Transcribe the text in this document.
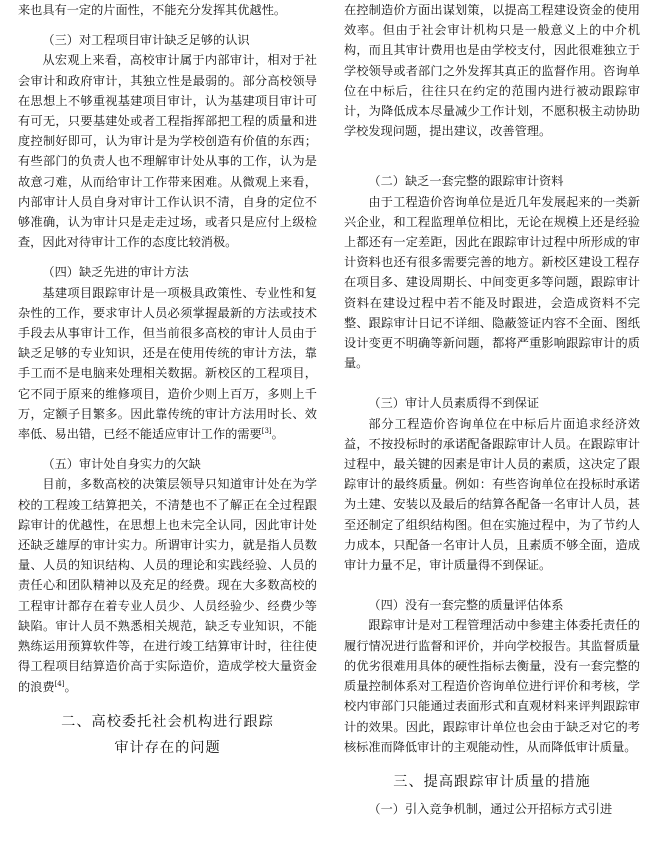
来也具有一定的片面性，不能充分发挥其优越性。

（三）对工程项目审计缺乏足够的认识

从宏观上来看，高校审计属于内部审计，相对于社会审计和政府审计，其独立性是最弱的。部分高校领导在思想上不够重视基建项目审计，认为基建项目审计可有可无，只要基建处或者工程指挥部把工程的质量和进度控制好即可，认为审计是为学校创造有价值的东西；有些部门的负责人也不理解审计处从事的工作，认为是故意刁难，从而给审计工作带来困难。从微观上来看，内部审计人员自身对审计工作认识不清，自身的定位不够准确，认为审计只是走走过场，或者只是应付上级检查，因此对待审计工作的态度比较消极。

（四）缺乏先进的审计方法

基建项目跟踪审计是一项极具政策性、专业性和复杂性的工作，要求审计人员必须掌握最新的方法或技术手段去从事审计工作，但当前很多高校的审计人员由于缺乏足够的专业知识，还是在使用传统的审计方法，靠手工而不是电脑来处理相关数据。新校区的工程项目，它不同于原来的维修项目，造价少则上百万，多则上千万，定额子目繁多。因此靠传统的审计方法用时长、效率低、易出错，已经不能适应审计工作的需要[3]。

（五）审计处自身实力的欠缺

目前，多数高校的决策层领导只知道审计处在为学校的工程竣工结算把关，不清楚也不了解正在全过程跟踪审计的优越性，在思想上也未完全认同，因此审计处还缺乏雄厚的审计实力。所谓审计实力，就是指人员数量、人员的知识结构、人员的理论和实践经验、人员的责任心和团队精神以及充足的经费。现在大多数高校的工程审计都存在着专业人员少、人员经验少、经费少等缺陷。审计人员不熟悉相关规范，缺乏专业知识，不能熟练运用预算软件等，在进行竣工结算审计时，往往使得工程项目结算造价高于实际造价，造成学校大量资金的浪费[4]。

二、高校委托社会机构进行跟踪
审计存在的问题

在控制造价方面出谋划策，以提高工程建设资金的使用效率。但由于社会审计机构只是一般意义上的中介机构，而且其审计费用也是由学校支付，因此很难独立于学校领导或者部门之外发挥其真正的监督作用。咨询单位在中标后，往往只在约定的范围内进行被动跟踪审计，为降低成本尽量减少工作计划，不愿积极主动协助学校发现问题，提出建议，改善管理。

（二）缺乏一套完整的跟踪审计资料

由于工程造价咨询单位是近几年发展起来的一类新兴企业，和工程监理单位相比，无论在规模上还是经验上都还有一定差距，因此在跟踪审计过程中所形成的审计资料也还有很多需要完善的地方。新校区建设工程存在项目多、建设周期长、中间变更多等问题，跟踪审计资料在建设过程中若不能及时跟进，会造成资料不完整、跟踪审计日记不详细、隐蔽签证内容不全面、图纸设计变更不明确等新问题，都将严重影响跟踪审计的质量。

（三）审计人员素质得不到保证

部分工程造价咨询单位在中标后片面追求经济效益，不按投标时的承诺配备跟踪审计人员。在跟踪审计过程中，最关键的因素是审计人员的素质，这决定了跟踪审计的最终质量。例如：有些咨询单位在投标时承诺为土建、安装以及最后的结算各配备一名审计人员，甚至还制定了组织结构图。但在实施过程中，为了节约人力成本，只配备一名审计人员，且素质不够全面，造成审计力量不足，审计质量得不到保证。

（四）没有一套完整的质量评估体系

跟踪审计是对工程管理活动中参建主体委托责任的履行情况进行监督和评价，并向学校报告。其监督质量的优劣很难用具体的硬性指标去衡量，没有一套完整的质量控制体系对工程造价咨询单位进行评价和考核，学校内审部门只能通过表面形式和直观材料来评判跟踪审计的效果。因此，跟踪审计单位也会由于缺乏对它的考核标准而降低审计的主观能动性，从而降低审计质量。

三、提高跟踪审计质量的措施

（一）引入竞争机制，通过公开招标方式引进
